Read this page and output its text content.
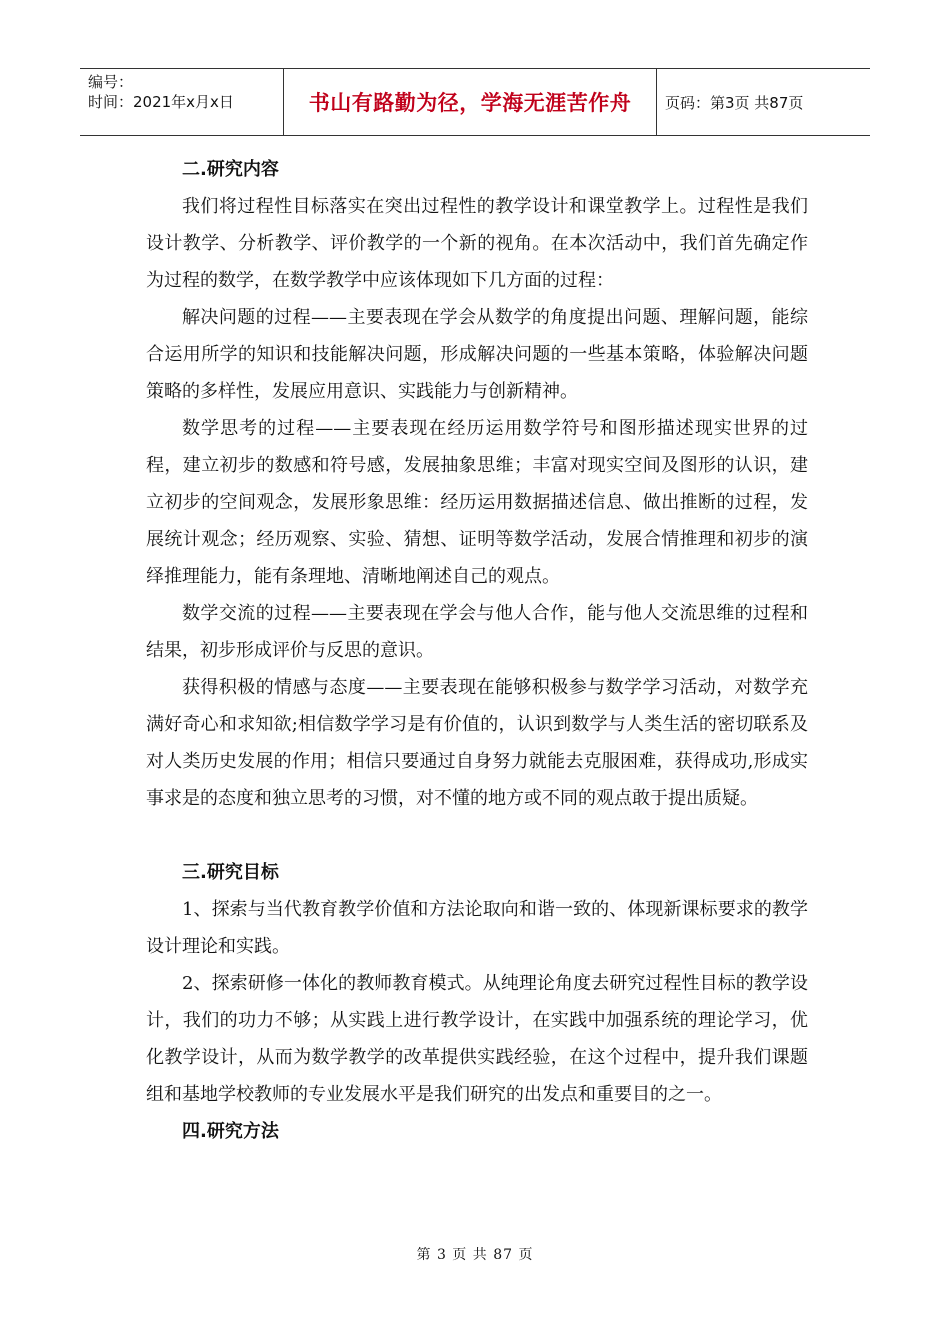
编号：
时间：2021年x月x日	书山有路勤为径，学海无涯苦作舟 页码：第3页 共87页
二.研究内容

我们将过程性目标落实在突出过程性的教学设计和课堂教学上。过程性是我们设计教学、分析教学、评价教学的一个新的视角。在本次活动中，我们首先确定作为过程的数学，在数学教学中应该体现如下几方面的过程：

解决问题的过程——主要表现在学会从数学的角度提出问题、理解问题，能综合运用所学的知识和技能解决问题，形成解决问题的一些基本策略，体验解决问题策略的多样性，发展应用意识、实践能力与创新精神。

数学思考的过程——主要表现在经历运用数学符号和图形描述现实世界的过程，建立初步的数感和符号感，发展抽象思维；丰富对现实空间及图形的认识，建立初步的空间观念，发展形象思维：经历运用数据描述信息、做出推断的过程，发展统计观念；经历观察、实验、猜想、证明等数学活动，发展合情推理和初步的演绎推理能力，能有条理地、清晰地阐述自己的观点。

数学交流的过程——主要表现在学会与他人合作，能与他人交流思维的过程和结果，初步形成评价与反思的意识。

获得积极的情感与态度——主要表现在能够积极参与数学学习活动，对数学充满好奇心和求知欲;相信数学学习是有价值的，认识到数学与人类生活的密切联系及对人类历史发展的作用；相信只要通过自身努力就能去克服困难，获得成功,形成实事求是的态度和独立思考的习惯，对不懂的地方或不同的观点敢于提出质疑。

三.研究目标

1、探索与当代教育教学价值和方法论取向和谐一致的、体现新课标要求的教学设计理论和实践。

2、探索研修一体化的教师教育模式。从纯理论角度去研究过程性目标的教学设计，我们的功力不够；从实践上进行教学设计，在实践中加强系统的理论学习，优化教学设计，从而为数学教学的改革提供实践经验，在这个过程中，提升我们课题组和基地学校教师的专业发展水平是我们研究的出发点和重要目的之一。

四.研究方法
第 3 页 共 87 页
